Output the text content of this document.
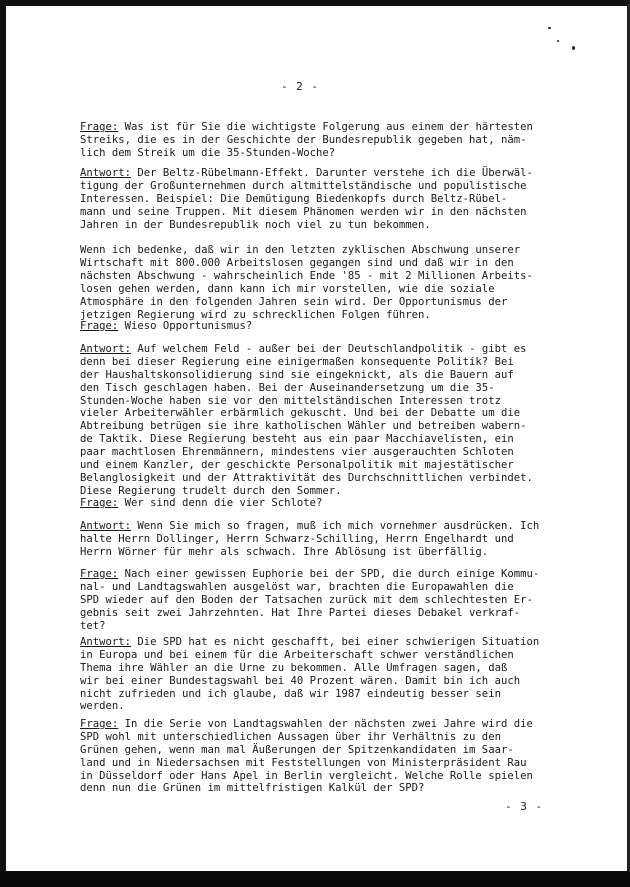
- 2 -
Frage: Was ist für Sie die wichtigste Folgerung aus einem der härtesten
Streiks, die es in der Geschichte der Bundesrepublik gegeben hat, näm-
lich dem Streik um die 35-Stunden-Woche?
Antwort: Der Beltz-Rübelmann-Effekt. Darunter verstehe ich die Überwäl-
tigung der Großunternehmen durch altmittelständische und populistische
Interessen. Beispiel: Die Demütigung Biedenkopfs durch Beltz-Rübel-
mann und seine Truppen. Mit diesem Phänomen werden wir in den nächsten
Jahren in der Bundesrepublik noch viel zu tun bekommen.
Wenn ich bedenke, daß wir in den letzten zyklischen Abschwung unserer
Wirtschaft mit 800.000 Arbeitslosen gegangen sind und daß wir in den
nächsten Abschwung - wahrscheinlich Ende '85 - mit 2 Millionen Arbeits-
losen gehen werden, dann kann ich mir vorstellen, wie die soziale
Atmosphäre in den folgenden Jahren sein wird. Der Opportunismus der
jetzigen Regierung wird zu schrecklichen Folgen führen.
Frage: Wieso Opportunismus?
Antwort: Auf welchem Feld - außer bei der Deutschlandpolitik - gibt es
denn bei dieser Regierung eine einigermaßen konsequente Politik? Bei
der Haushaltskonsolidierung sind sie eingeknickt, als die Bauern auf
den Tisch geschlagen haben. Bei der Auseinandersetzung um die 35-
Stunden-Woche haben sie vor den mittelständischen Interessen trotz
vieler Arbeiterwähler erbärmlich gekuscht. Und bei der Debatte um die
Abtreibung betrügen sie ihre katholischen Wähler und betreiben wabern-
de Taktik. Diese Regierung besteht aus ein paar Macchiavelisten, ein
paar machtlosen Ehrenmännern, mindestens vier ausgerauchten Schloten
und einem Kanzler, der geschickte Personalpolitik mit majestätischer
Belanglosigkeit und der Attraktivität des Durchschnittlichen verbindet.
Diese Regierung trudelt durch den Sommer.
Frage: Wer sind denn die vier Schlote?
Antwort: Wenn Sie mich so fragen, muß ich mich vornehmer ausdrücken. Ich
halte Herrn Dollinger, Herrn Schwarz-Schilling, Herrn Engelhardt und
Herrn Wörner für mehr als schwach. Ihre Ablösung ist überfällig.
Frage: Nach einer gewissen Euphorie bei der SPD, die durch einige Kommu-
nal- und Landtagswahlen ausgelöst war, brachten die Europawahlen die
SPD wieder auf den Boden der Tatsachen zurück mit dem schlechtesten Er-
gebnis seit zwei Jahrzehnten. Hat Ihre Partei dieses Debakel verkraf-
tet?
Antwort: Die SPD hat es nicht geschafft, bei einer schwierigen Situation
in Europa und bei einem für die Arbeiterschaft schwer verständlichen
Thema ihre Wähler an die Urne zu bekommen. Alle Umfragen sagen, daß
wir bei einer Bundestagswahl bei 40 Prozent wären. Damit bin ich auch
nicht zufrieden und ich glaube, daß wir 1987 eindeutig besser sein
werden.
Frage: In die Serie von Landtagswahlen der nächsten zwei Jahre wird die
SPD wohl mit unterschiedlichen Aussagen über ihr Verhältnis zu den
Grünen gehen, wenn man mal Äußerungen der Spitzenkandidaten im Saar-
land und in Niedersachsen mit Feststellungen von Ministerpräsident Rau
in Düsseldorf oder Hans Apel in Berlin vergleicht. Welche Rolle spielen
denn nun die Grünen im mittelfristigen Kalkül der SPD?
- 3 -
